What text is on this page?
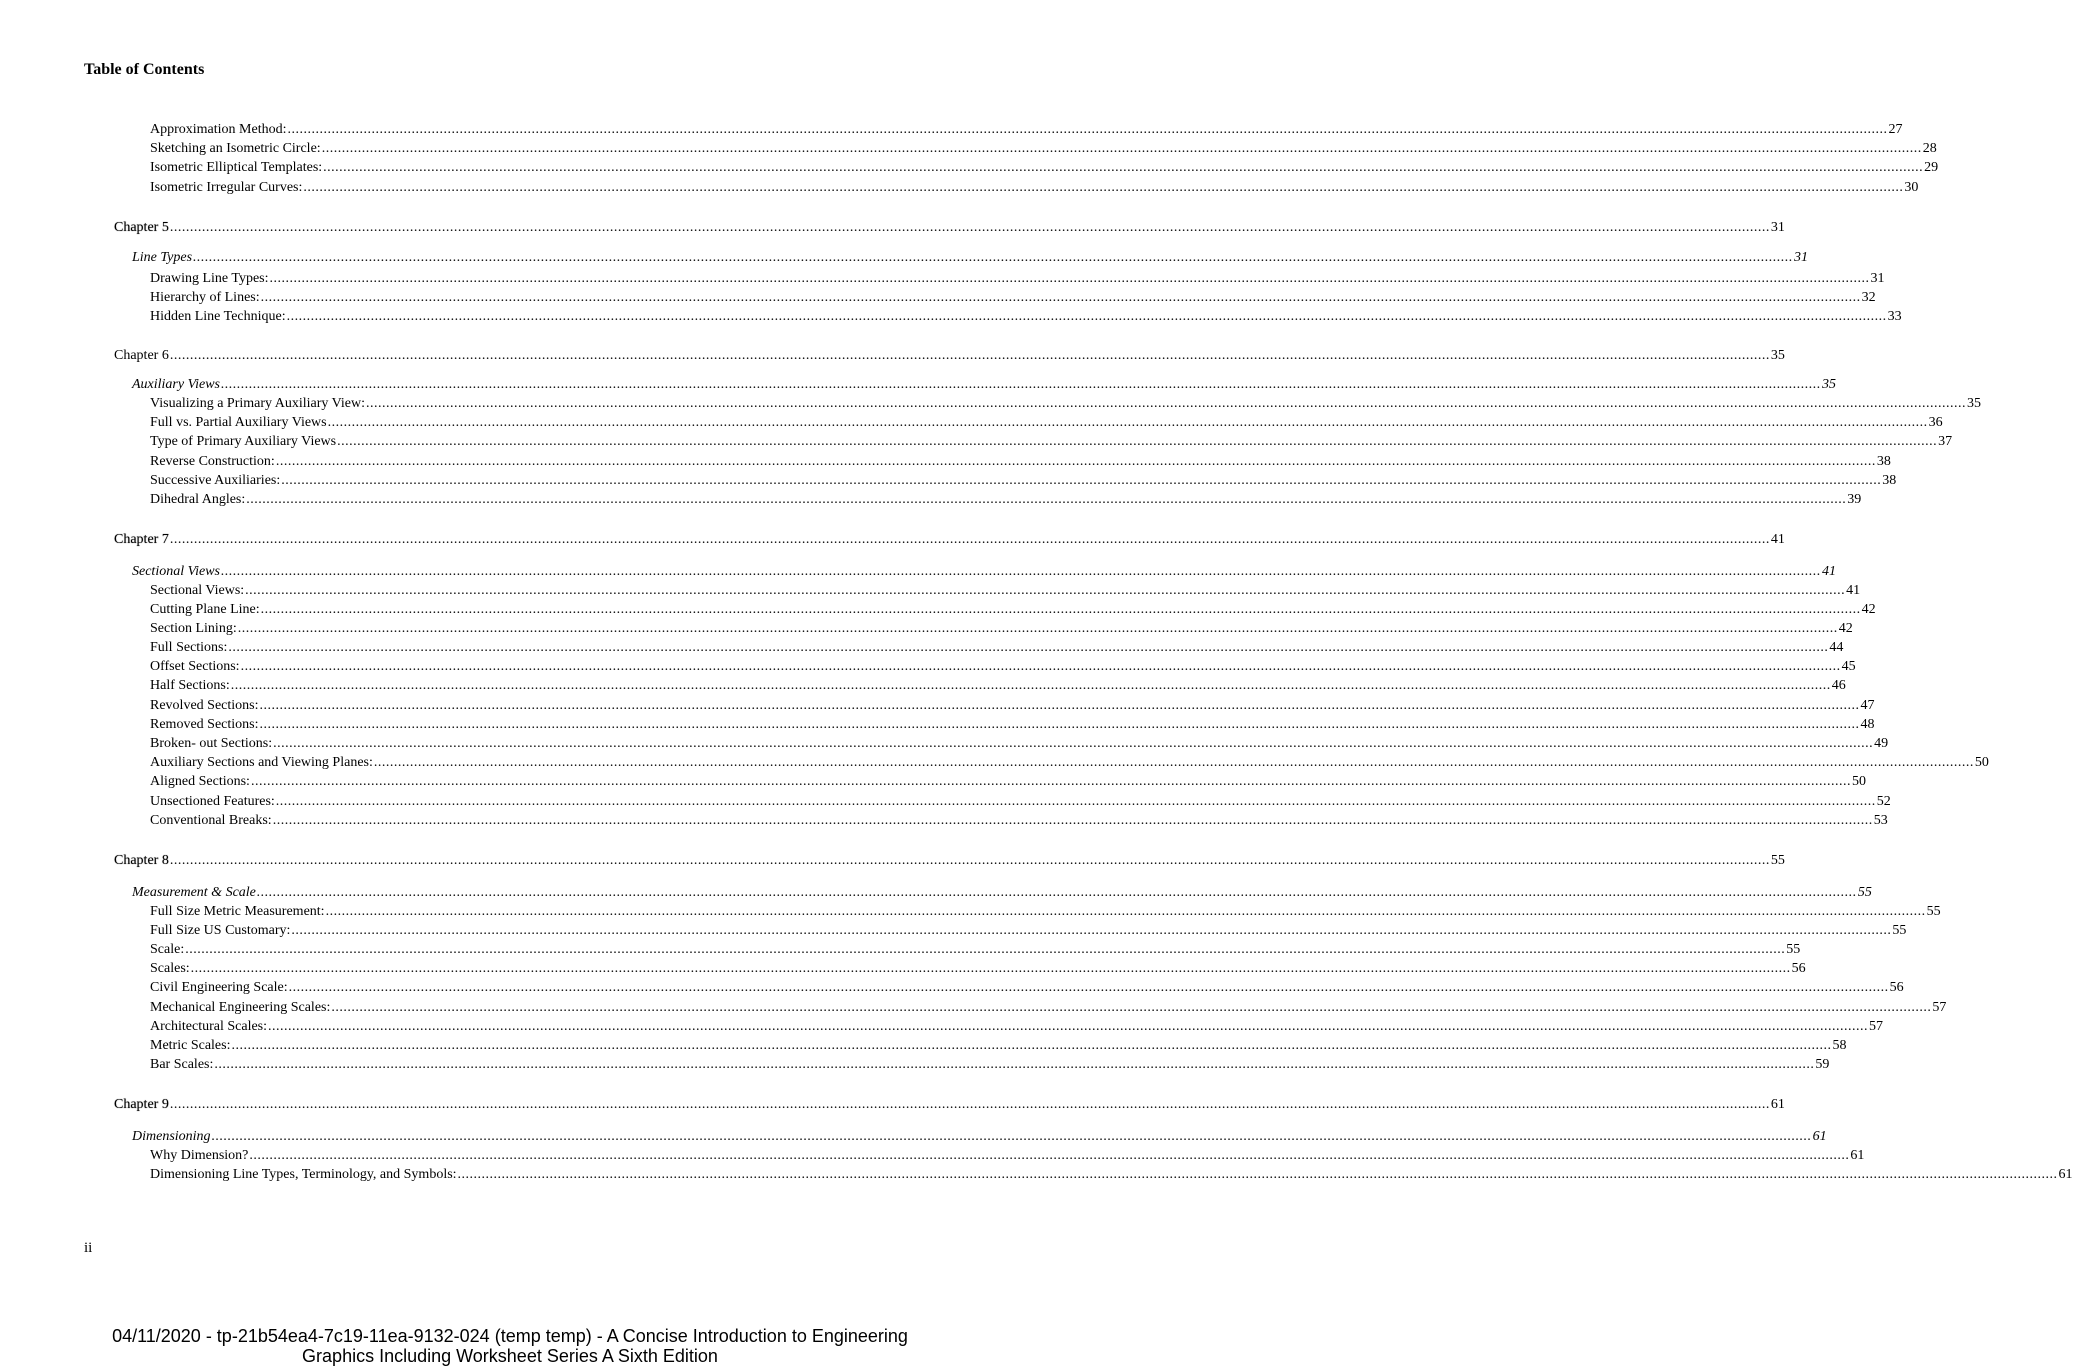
Table of Contents
Approximation Method: ................................................................................................................................................................................................................................................................................................................................................................................................................ 27
Sketching an Isometric Circle: ................................................................................................................................................................................................................................................................................................................................................................................................................ 28
Isometric Elliptical Templates: ................................................................................................................................................................................................................................................................................................................................................................................................................ 29
Isometric Irregular Curves: ................................................................................................................................................................................................................................................................................................................................................................................................................ 30
Chapter 5 ................................................................................................................................................................................................................................................................................................................................................................................................................ 31
Line Types ................................................................................................................................................................................................................................................................................................................................................................................................................ 31
Drawing Line Types: ................................................................................................................................................................................................................................................................................................................................................................................................................ 31
Hierarchy of Lines: ................................................................................................................................................................................................................................................................................................................................................................................................................ 32
Hidden Line Technique: ................................................................................................................................................................................................................................................................................................................................................................................................................ 33
Chapter 6 ................................................................................................................................................................................................................................................................................................................................................................................................................ 35
Auxiliary Views ................................................................................................................................................................................................................................................................................................................................................................................................................ 35
Visualizing a Primary Auxiliary View: ................................................................................................................................................................................................................................................................................................................................................................................................................ 35
Full vs. Partial Auxiliary Views ................................................................................................................................................................................................................................................................................................................................................................................................................ 36
Type of Primary Auxiliary Views ................................................................................................................................................................................................................................................................................................................................................................................................................ 37
Reverse Construction: ................................................................................................................................................................................................................................................................................................................................................................................................................ 38
Successive Auxiliaries: ................................................................................................................................................................................................................................................................................................................................................................................................................ 38
Dihedral Angles: ................................................................................................................................................................................................................................................................................................................................................................................................................ 39
Chapter 7 ................................................................................................................................................................................................................................................................................................................................................................................................................ 41
Sectional Views ................................................................................................................................................................................................................................................................................................................................................................................................................ 41
Sectional Views: ................................................................................................................................................................................................................................................................................................................................................................................................................ 41
Cutting Plane Line: ................................................................................................................................................................................................................................................................................................................................................................................................................ 42
Section Lining: ................................................................................................................................................................................................................................................................................................................................................................................................................ 42
Full Sections: ................................................................................................................................................................................................................................................................................................................................................................................................................ 44
Offset Sections: ................................................................................................................................................................................................................................................................................................................................................................................................................ 45
Half Sections: ................................................................................................................................................................................................................................................................................................................................................................................................................ 46
Revolved Sections: ................................................................................................................................................................................................................................................................................................................................................................................................................ 47
Removed Sections: ................................................................................................................................................................................................................................................................................................................................................................................................................ 48
Broken- out Sections: ................................................................................................................................................................................................................................................................................................................................................................................................................ 49
Auxiliary Sections and Viewing Planes: ................................................................................................................................................................................................................................................................................................................................................................................................................ 50
Aligned Sections: ................................................................................................................................................................................................................................................................................................................................................................................................................ 50
Unsectioned Features: ................................................................................................................................................................................................................................................................................................................................................................................................................ 52
Conventional Breaks: ................................................................................................................................................................................................................................................................................................................................................................................................................ 53
Chapter 8 ................................................................................................................................................................................................................................................................................................................................................................................................................ 55
Measurement & Scale ................................................................................................................................................................................................................................................................................................................................................................................................................ 55
Full Size Metric Measurement: ................................................................................................................................................................................................................................................................................................................................................................................................................ 55
Full Size US Customary: ................................................................................................................................................................................................................................................................................................................................................................................................................ 55
Scale: ................................................................................................................................................................................................................................................................................................................................................................................................................ 55
Scales: ................................................................................................................................................................................................................................................................................................................................................................................................................ 56
Civil Engineering Scale: ................................................................................................................................................................................................................................................................................................................................................................................................................ 56
Mechanical Engineering Scales: ................................................................................................................................................................................................................................................................................................................................................................................................................ 57
Architectural Scales: ................................................................................................................................................................................................................................................................................................................................................................................................................ 57
Metric Scales: ................................................................................................................................................................................................................................................................................................................................................................................................................ 58
Bar Scales: ................................................................................................................................................................................................................................................................................................................................................................................................................ 59
Chapter 9 ................................................................................................................................................................................................................................................................................................................................................................................................................ 61
Dimensioning ................................................................................................................................................................................................................................................................................................................................................................................................................ 61
Why Dimension? ................................................................................................................................................................................................................................................................................................................................................................................................................ 61
Dimensioning Line Types, Terminology, and Symbols: ................................................................................................................................................................................................................................................................................................................................................................................................................ 61
ii
04/11/2020 - tp-21b54ea4-7c19-11ea-9132-024 (temp temp) - A Concise Introduction to Engineering
Graphics Including Worksheet Series A Sixth Edition
